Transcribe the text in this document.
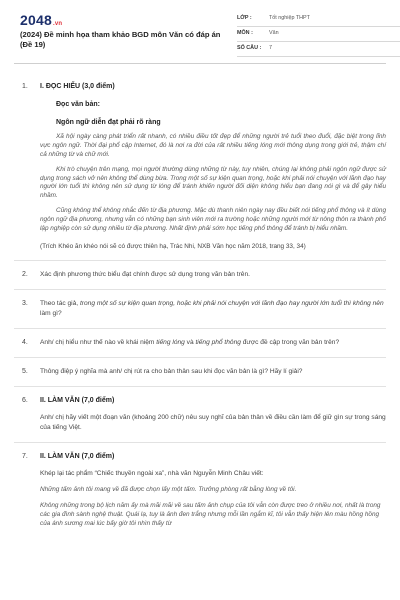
2048.vn
(2024) Đề minh họa tham khảo BGD môn Văn có đáp án (Đề 19)
LỚP :	Tốt nghiệp THPT
MÔN :	Văn
SỐ CÂU :	7
1. I. ĐỌC HIỂU (3,0 điểm)
Đọc văn bản:
Ngôn ngữ diễn đạt phải rõ ràng

Xã hội ngày càng phát triển rất nhanh, có nhiều điều tốt đẹp để những người trẻ tuổi theo đuổi, đặc biệt trong lĩnh vực ngôn ngữ. Thời đại phổ cập Internet, đó là nơi ra đời của rất nhiều tiếng lóng mới thông dụng trong giới trẻ, thậm chí cả những từ và chữ mới.

Khi trò chuyện trên mạng, mọi người thường dùng những từ này, tuy nhiên, chúng lại không phải ngôn ngữ được sử dụng trong sách vở nên không thể dùng bừa. Trong một số sự kiện quan trọng, hoặc khi phải nói chuyện với lãnh đạo hay người lớn tuổi thì không nên sử dụng từ lóng để tránh khiến người đối diện không hiểu bạn đang nói gì và để gây hiểu nhầm.

Cũng không thể không nhắc đến từ địa phương. Mặc dù thanh niên ngày nay đều biết nói tiếng phổ thông và ít dùng ngôn ngữ địa phương, nhưng vẫn có những bạn sinh viên mới ra trường hoặc những người mới từ nông thôn ra thành phố lập nghiệp còn sử dụng nhiều từ địa phương. Nhất định phải sớm học tiếng phổ thông để tránh bị hiểu nhầm.

(Trích Khéo ăn khéo nói sẽ có được thiên hạ, Trác Nhi, NXB Văn học năm 2018, trang 33, 34)

2. Xác định phương thức biểu đạt chính được sử dụng trong văn bản trên.

3. Theo tác giả, trong một số sự kiện quan trọng, hoặc khi phải nói chuyện với lãnh đạo hay người lớn tuổi thì không nên làm gì?

4. Anh/ chị hiểu như thế nào về khái niệm tiếng lóng và tiếng phổ thông được đề cập trong văn bản trên?

5. Thông điệp ý nghĩa mà anh/ chị rút ra cho bản thân sau khi đọc văn bản là gì? Hãy lí giải?

6. II. LÀM VĂN (7,0 điểm)

Anh/ chị hãy viết một đoạn văn (khoảng 200 chữ) nêu suy nghĩ của bản thân về điều cần làm để giữ gìn sự trong sáng của tiếng Việt.

7. II. LÀM VĂN (7,0 điểm)

Khép lại tác phẩm “Chiếc thuyền ngoài xa”, nhà văn Nguyễn Minh Châu viết:

Những tấm ảnh tôi mang về đã được chọn lấy một tấm. Trưởng phòng rất bằng lòng về tôi.

Không những trong bộ lịch năm ấy mà mãi mãi về sau tấm ảnh chụp của tôi vẫn còn được treo ở nhiều nơi, nhất là trong các gia đình sành nghệ thuật. Quái lạ, tuy là ảnh đen trắng nhưng mỗi lần ngắm kĩ, tôi vẫn thấy hiện lên màu hồng hồng của ánh sương mai lúc bấy giờ tôi nhìn thấy từ
